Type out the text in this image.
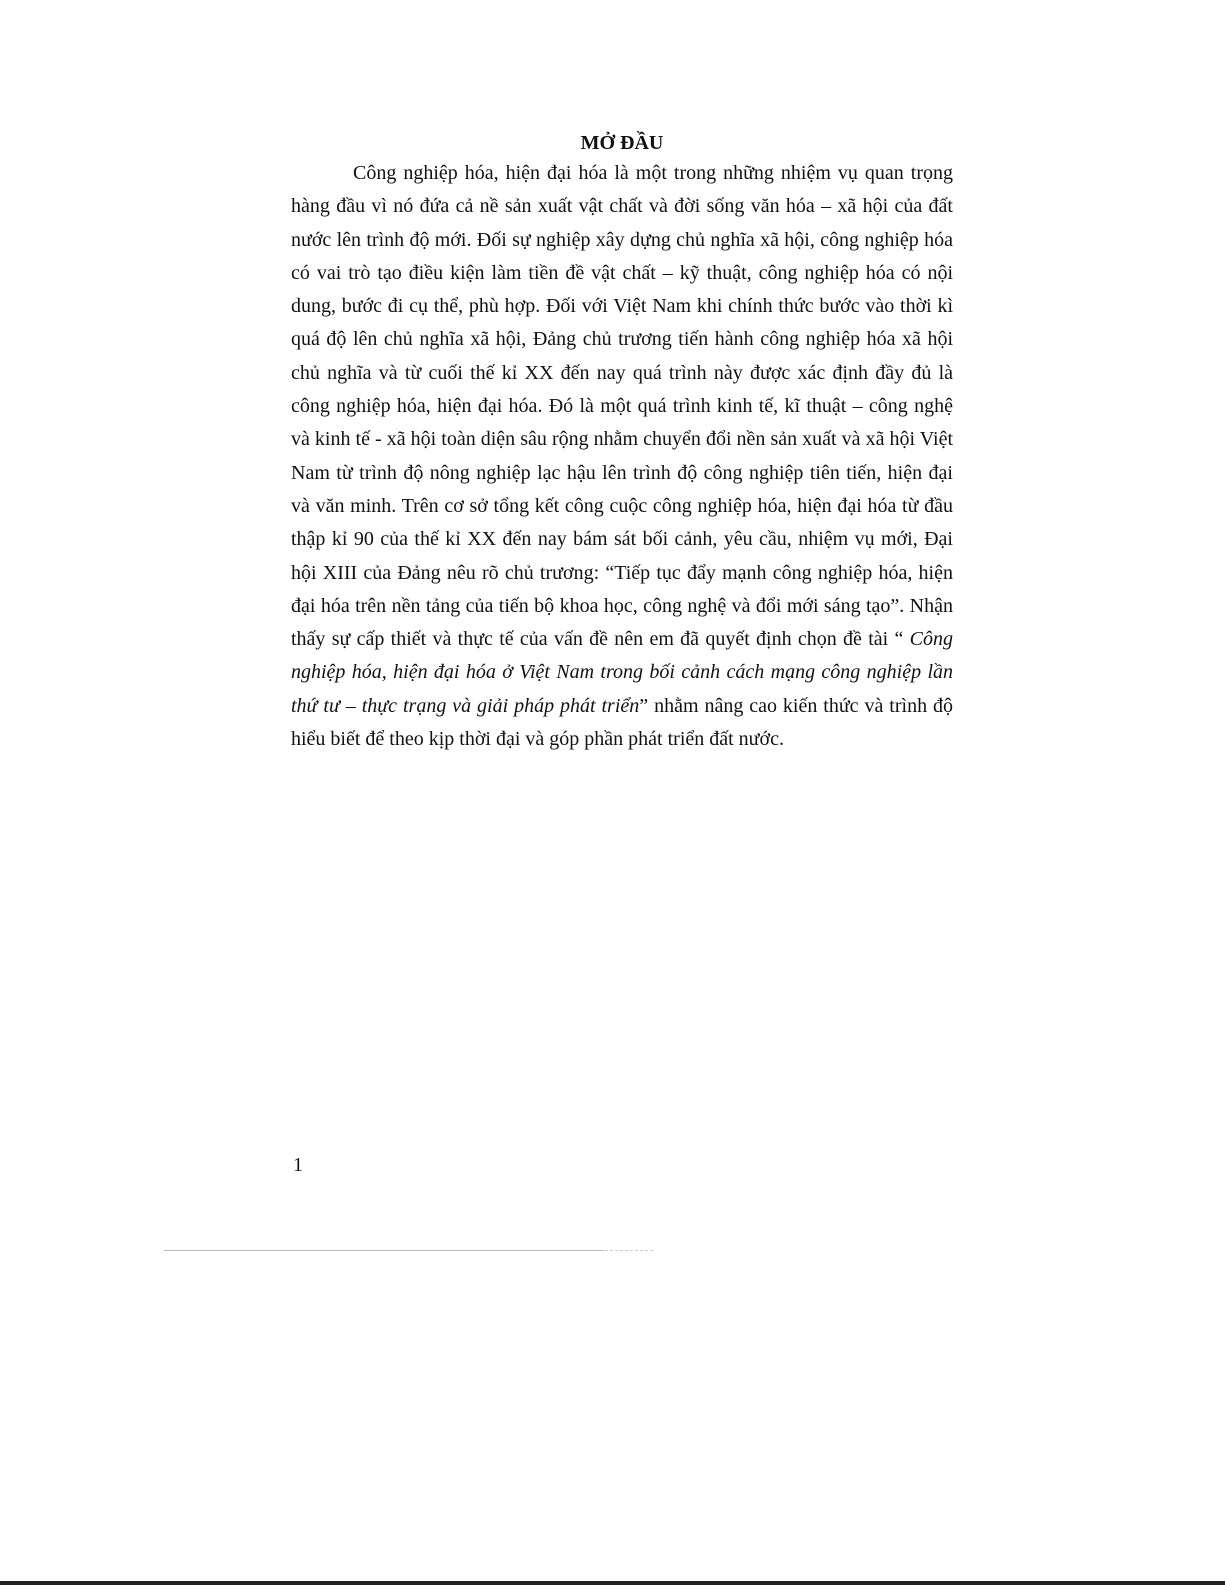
MỞ ĐẦU

Công nghiệp hóa, hiện đại hóa là một trong những nhiệm vụ quan trọng hàng đầu vì nó đứa cả nề sản xuất vật chất và đời sống văn hóa – xã hội của đất nước lên trình độ mới. Đối sự nghiệp xây dựng chủ nghĩa xã hội, công nghiệp hóa có vai trò tạo điều kiện làm tiền đề vật chất – kỹ thuật, công nghiệp hóa có nội dung, bước đi cụ thể, phù hợp. Đối với Việt Nam khi chính thức bước vào thời kì quá độ lên chủ nghĩa xã hội, Đảng chủ trương tiến hành công nghiệp hóa xã hội chủ nghĩa và từ cuối thế kỉ XX đến nay quá trình này được xác định đầy đủ là công nghiệp hóa, hiện đại hóa. Đó là một quá trình kinh tế, kĩ thuật – công nghệ và kinh tế - xã hội toàn diện sâu rộng nhằm chuyển đổi nền sản xuất và xã hội Việt Nam từ trình độ nông nghiệp lạc hậu lên trình độ công nghiệp tiên tiến, hiện đại và văn minh. Trên cơ sở tổng kết công cuộc công nghiệp hóa, hiện đại hóa từ đầu thập kỉ 90 của thế kỉ XX đến nay bám sát bối cảnh, yêu cầu, nhiệm vụ mới, Đại hội XIII của Đảng nêu rõ chủ trương: “Tiếp tục đẩy mạnh công nghiệp hóa, hiện đại hóa trên nền tảng của tiến bộ khoa học, công nghệ và đổi mới sáng tạo”. Nhận thấy sự cấp thiết và thực tế của vấn đề nên em đã quyết định chọn đề tài “ Công nghiệp hóa, hiện đại hóa ở Việt Nam trong bối cảnh cách mạng công nghiệp lần thứ tư – thực trạng và giải pháp phát triển” nhằm nâng cao kiến thức và trình độ hiểu biết để theo kịp thời đại và góp phần phát triển đất nước.

1
